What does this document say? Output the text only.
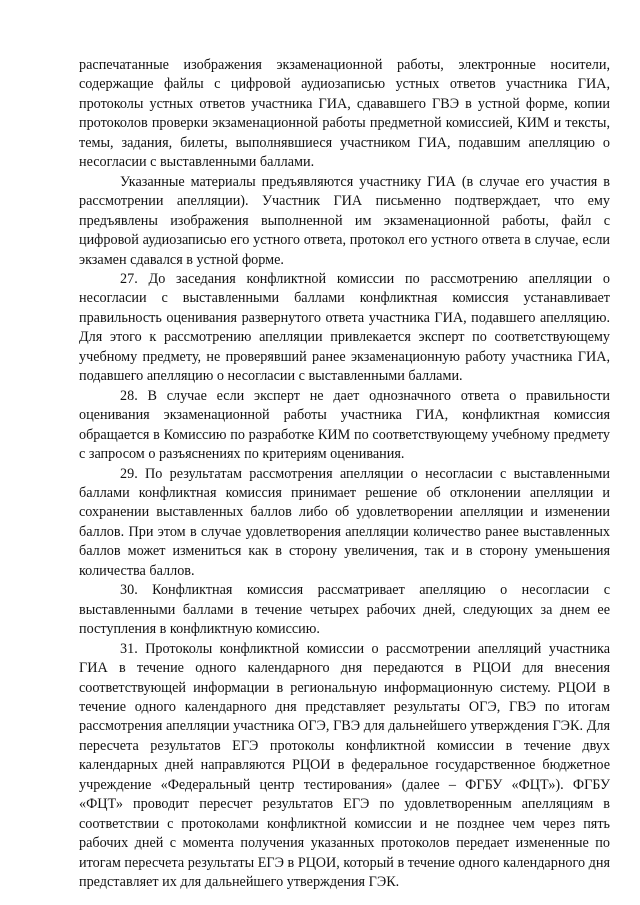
распечатанные изображения экзаменационной работы, электронные носители, содержащие файлы с цифровой аудиозаписью устных ответов участника ГИА, протоколы устных ответов участника ГИА, сдававшего ГВЭ в устной форме, копии протоколов проверки экзаменационной работы предметной комиссией, КИМ и тексты, темы, задания, билеты, выполнявшиеся участником ГИА, подавшим апелляцию о несогласии с выставленными баллами.

Указанные материалы предъявляются участнику ГИА (в случае его участия в рассмотрении апелляции). Участник ГИА письменно подтверждает, что ему предъявлены изображения выполненной им экзаменационной работы, файл с цифровой аудиозаписью его устного ответа, протокол его устного ответа в случае, если экзамен сдавался в устной форме.

27. До заседания конфликтной комиссии по рассмотрению апелляции о несогласии с выставленными баллами конфликтная комиссия устанавливает правильность оценивания развернутого ответа участника ГИА, подавшего апелляцию. Для этого к рассмотрению апелляции привлекается эксперт по соответствующему учебному предмету, не проверявший ранее экзаменационную работу участника ГИА, подавшего апелляцию о несогласии с выставленными баллами.

28. В случае если эксперт не дает однозначного ответа о правильности оценивания экзаменационной работы участника ГИА, конфликтная комиссия обращается в Комиссию по разработке КИМ по соответствующему учебному предмету с запросом о разъяснениях по критериям оценивания.

29. По результатам рассмотрения апелляции о несогласии с выставленными баллами конфликтная комиссия принимает решение об отклонении апелляции и сохранении выставленных баллов либо об удовлетворении апелляции и изменении баллов. При этом в случае удовлетворения апелляции количество ранее выставленных баллов может измениться как в сторону увеличения, так и в сторону уменьшения количества баллов.

30. Конфликтная комиссия рассматривает апелляцию о несогласии с выставленными баллами в течение четырех рабочих дней, следующих за днем ее поступления в конфликтную комиссию.

31. Протоколы конфликтной комиссии о рассмотрении апелляций участника ГИА в течение одного календарного дня передаются в РЦОИ для внесения соответствующей информации в региональную информационную систему. РЦОИ в течение одного календарного дня представляет результаты ОГЭ, ГВЭ по итогам рассмотрения апелляции участника ОГЭ, ГВЭ для дальнейшего утверждения ГЭК. Для пересчета результатов ЕГЭ протоколы конфликтной комиссии в течение двух календарных дней направляются РЦОИ в федеральное государственное бюджетное учреждение «Федеральный центр тестирования» (далее – ФГБУ «ФЦТ»). ФГБУ «ФЦТ» проводит пересчет результатов ЕГЭ по удовлетворенным апелляциям в соответствии с протоколами конфликтной комиссии и не позднее чем через пять рабочих дней с момента получения указанных протоколов передает измененные по итогам пересчета результаты ЕГЭ в РЦОИ, который в течение одного календарного дня представляет их для дальнейшего утверждения ГЭК.
